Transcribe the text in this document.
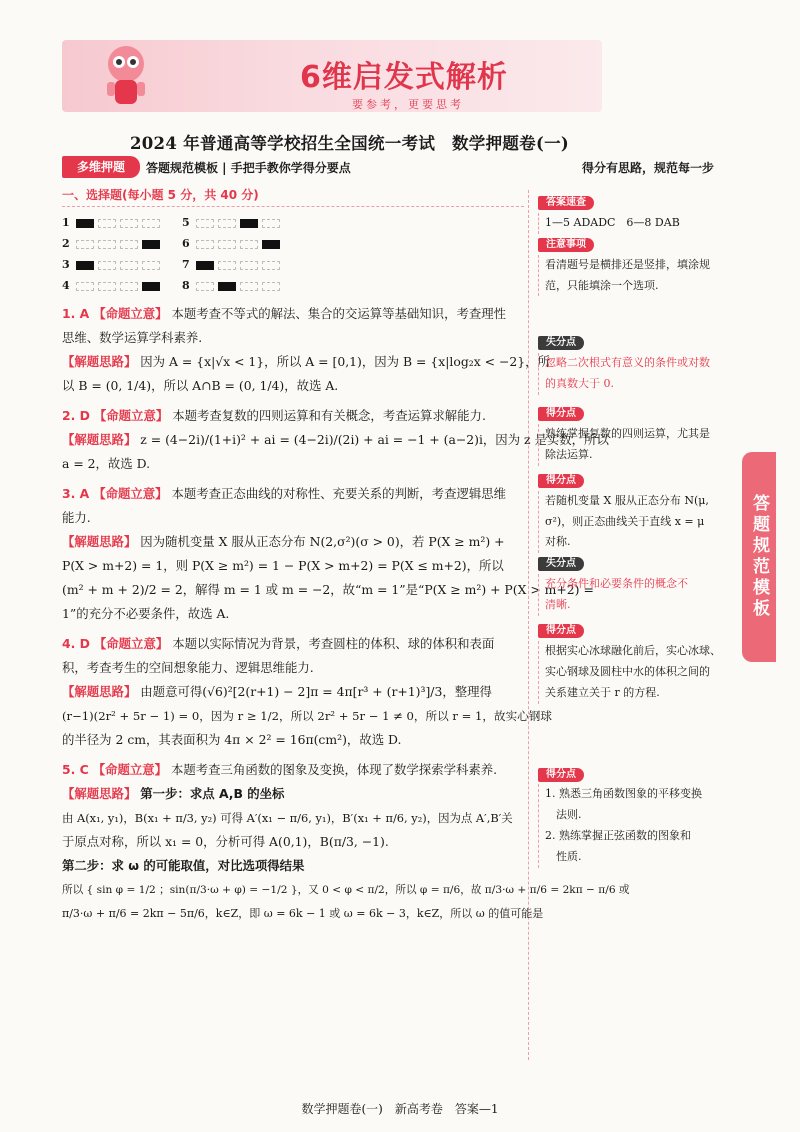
6维启发式解析
要参考，更要思考
2024 年普通高等学校招生全国统一考试　数学押题卷(一)
多维押题	答题规范模板 | 手把手教你学得分要点	得分有思路，规范每一步
一、选择题(每小题 5 分，共 40 分)
1	5
2	6
3	7
4	8
1. A 【命题立意】 本题考查不等式的解法、集合的交运算等基础知识，考查理性
思维、数学运算学科素养.
【解题思路】 因为 A = {x|√x < 1}，所以 A = [0,1)，因为 B = {x|log₂x < −2}，所
以 B = (0, 1/4)，所以 A∩B = (0, 1/4)，故选 A.
2. D 【命题立意】 本题考查复数的四则运算和有关概念，考查运算求解能力.
【解题思路】 z = (4−2i)/(1+i)² + ai = (4−2i)/(2i) + ai = −1 + (a−2)i，因为 z 是实数，所以
a = 2，故选 D.
3. A 【命题立意】 本题考查正态曲线的对称性、充要关系的判断，考查逻辑思维
能力.
【解题思路】 因为随机变量 X 服从正态分布 N(2,σ²)(σ > 0)，若 P(X ≥ m²) +
P(X > m+2) = 1，则 P(X ≥ m²) = 1 − P(X > m+2) = P(X ≤ m+2)，所以
(m² + m + 2)/2 = 2，解得 m = 1 或 m = −2，故“m = 1”是“P(X ≥ m²) + P(X > m+2) =
1”的充分不必要条件，故选 A.
4. D 【命题立意】 本题以实际情况为背景，考查圆柱的体积、球的体积和表面
积，考查考生的空间想象能力、逻辑思维能力.
【解题思路】 由题意可得(√6)²[2(r+1) − 2]π = 4π[r³ + (r+1)³]/3，整理得
(r−1)(2r² + 5r − 1) = 0，因为 r ≥ 1/2，所以 2r² + 5r − 1 ≠ 0，所以 r = 1，故实心钢球
的半径为 2 cm，其表面积为 4π × 2² = 16π(cm²)，故选 D.
5. C 【命题立意】 本题考查三角函数的图象及变换，体现了数学探索学科素养.
【解题思路】 第一步：求点 A,B 的坐标
由 A(x₁, y₁)，B(x₁ + π/3, y₂) 可得 A′(x₁ − π/6, y₁)，B′(x₁ + π/6, y₂)，因为点 A′,B′关
于原点对称，所以 x₁ = 0，分析可得 A(0,1)，B(π/3, −1).
第二步：求 ω 的可能取值，对比选项得结果
所以 { sin φ = 1/2 ；sin(π/3·ω + φ) = −1/2 }，又 0 < φ < π/2，所以 φ = π/6，故 π/3·ω + π/6 = 2kπ − π/6 或
π/3·ω + π/6 = 2kπ − 5π/6，k∈Z，即 ω = 6k − 1 或 ω = 6k − 3，k∈Z，所以 ω 的值可能是
答案速查
1—5 ADADC　6—8 DAB
注意事项
看清题号是横排还是竖排，填涂规
范，只能填涂一个选项.
失分点
忽略二次根式有意义的条件或对数
的真数大于 0.
得分点
熟练掌握复数的四则运算，尤其是
除法运算.
得分点
若随机变量 X 服从正态分布 N(μ,
σ²)，则正态曲线关于直线 x = μ
对称.
失分点
充分条件和必要条件的概念不
清晰.
得分点
根据实心冰球融化前后，实心冰球、
实心钢球及圆柱中水的体积之间的
关系建立关于 r 的方程.
得分点
1. 熟悉三角函数图象的平移变换
　法则.
2. 熟练掌握正弦函数的图象和
　性质.
答题规范模板
数学押题卷(一)　新高考卷　答案—1
